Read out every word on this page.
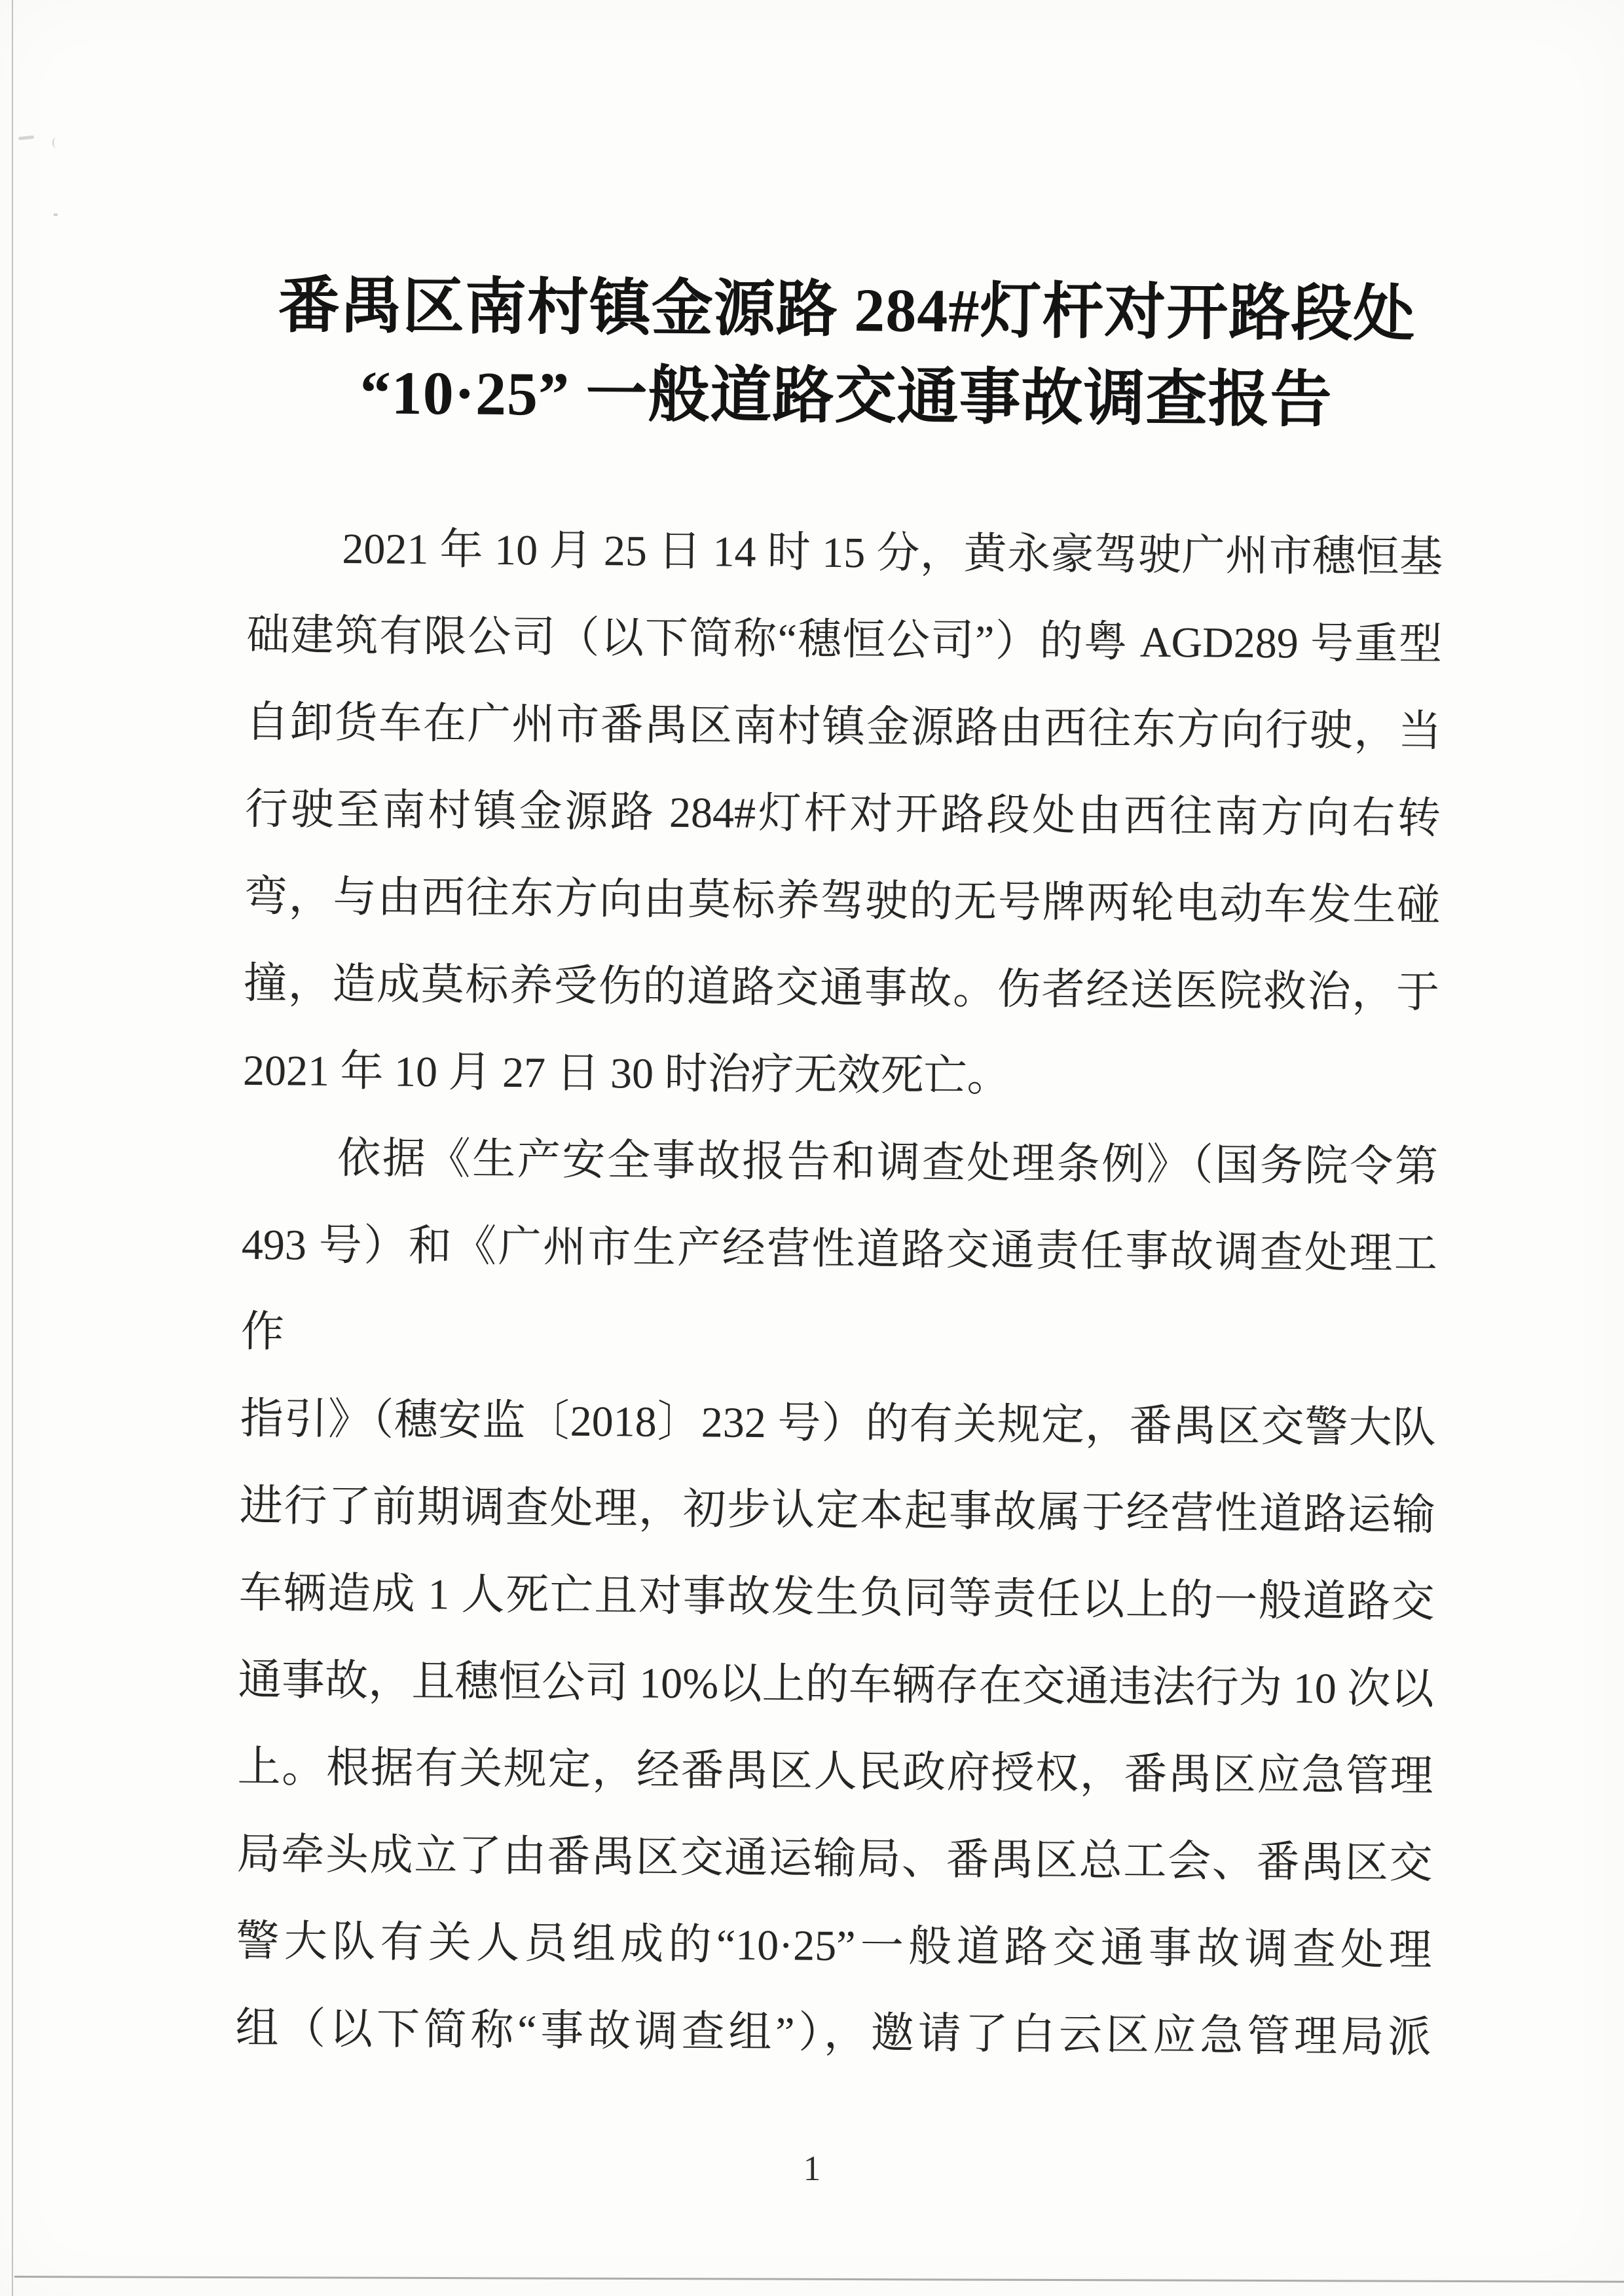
番禺区南村镇金源路 284#灯杆对开路段处
“10·25” 一般道路交通事故调查报告
2021 年 10 月 25 日 14 时 15 分，黄永豪驾驶广州市穗恒基
础建筑有限公司（以下简称“穗恒公司”）的粤 AGD289 号重型
自卸货车在广州市番禺区南村镇金源路由西往东方向行驶，当
行驶至南村镇金源路 284#灯杆对开路段处由西往南方向右转
弯，与由西往东方向由莫标养驾驶的无号牌两轮电动车发生碰
撞，造成莫标养受伤的道路交通事故。伤者经送医院救治，于
2021 年 10 月 27 日 30 时治疗无效死亡。
依据《生产安全事故报告和调查处理条例》（国务院令第
493 号）和《广州市生产经营性道路交通责任事故调查处理工作
指引》（穗安监〔2018〕232 号）的有关规定，番禺区交警大队
进行了前期调查处理，初步认定本起事故属于经营性道路运输
车辆造成 1 人死亡且对事故发生负同等责任以上的一般道路交
通事故，且穗恒公司 10%以上的车辆存在交通违法行为 10 次以
上。根据有关规定，经番禺区人民政府授权，番禺区应急管理
局牵头成立了由番禺区交通运输局、番禺区总工会、番禺区交
警大队有关人员组成的“10·25”一般道路交通事故调查处理
组（以下简称“事故调查组”），邀请了白云区应急管理局派
1
